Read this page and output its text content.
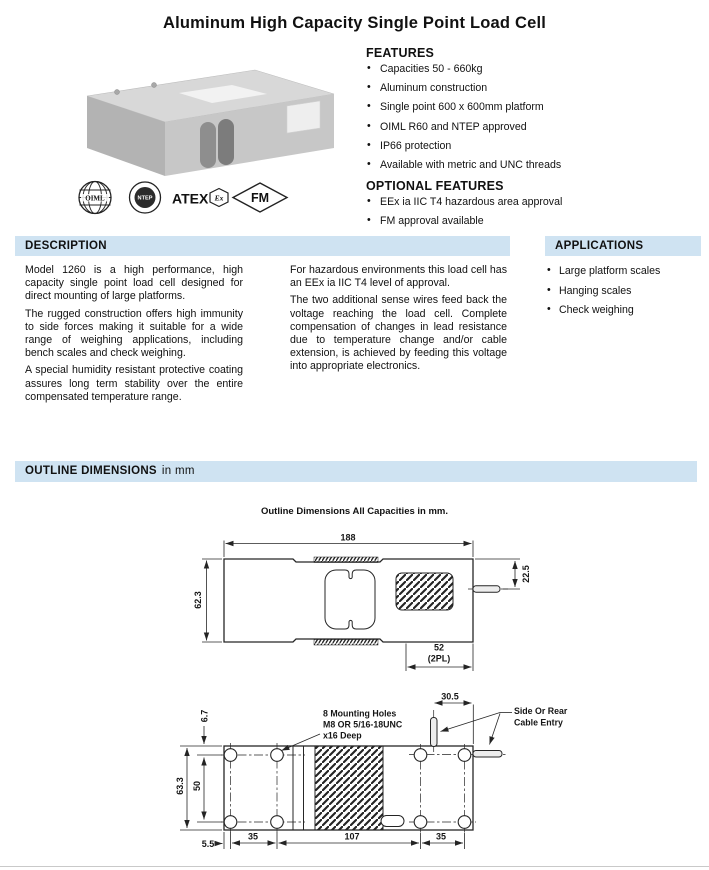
Aluminum High Capacity Single Point Load Cell
OIML	NTEP ATEX Ex FM
FEATURES
• Capacities 50 - 660kg
• Aluminum construction
• Single point 600 x 600mm platform
• OIML R60 and NTEP approved
• IP66 protection
• Available with metric and UNC threads
OPTIONAL FEATURES
• EEx ia IIC T4 hazardous area approval
• FM approval available
DESCRIPTION	APPLICATIONS

Model 1260 is a high performance, high capacity single point load cell designed for direct mounting of large platforms.

The rugged construction offers high immunity to side forces making it suitable for a wide range of weighing applications, including bench scales and check weighing.

A special humidity resistant protective coating assures long term stability over the entire compensated temperature range.

For hazardous environments this load cell has an EEx ia IIC T4 level of approval.

The two additional sense wires feed back the voltage reaching the load cell. Complete compensation of changes in lead resistance due to temperature change and/or cable extension, is achieved by feeding this voltage into appropriate electronics.

• Large platform scales
• Hanging scales
• Check weighing
OUTLINE DIMENSIONS in mm
Outline Dimensions All Capacities in mm.
188
62.3
22.5
52
(2PL)
30.5
6.7
63.3 50
35	107	35
5.5
8 Mounting Holes
M8 OR 5/16-18UNC
x16 Deep
Side Or Rear
Cable Entry
